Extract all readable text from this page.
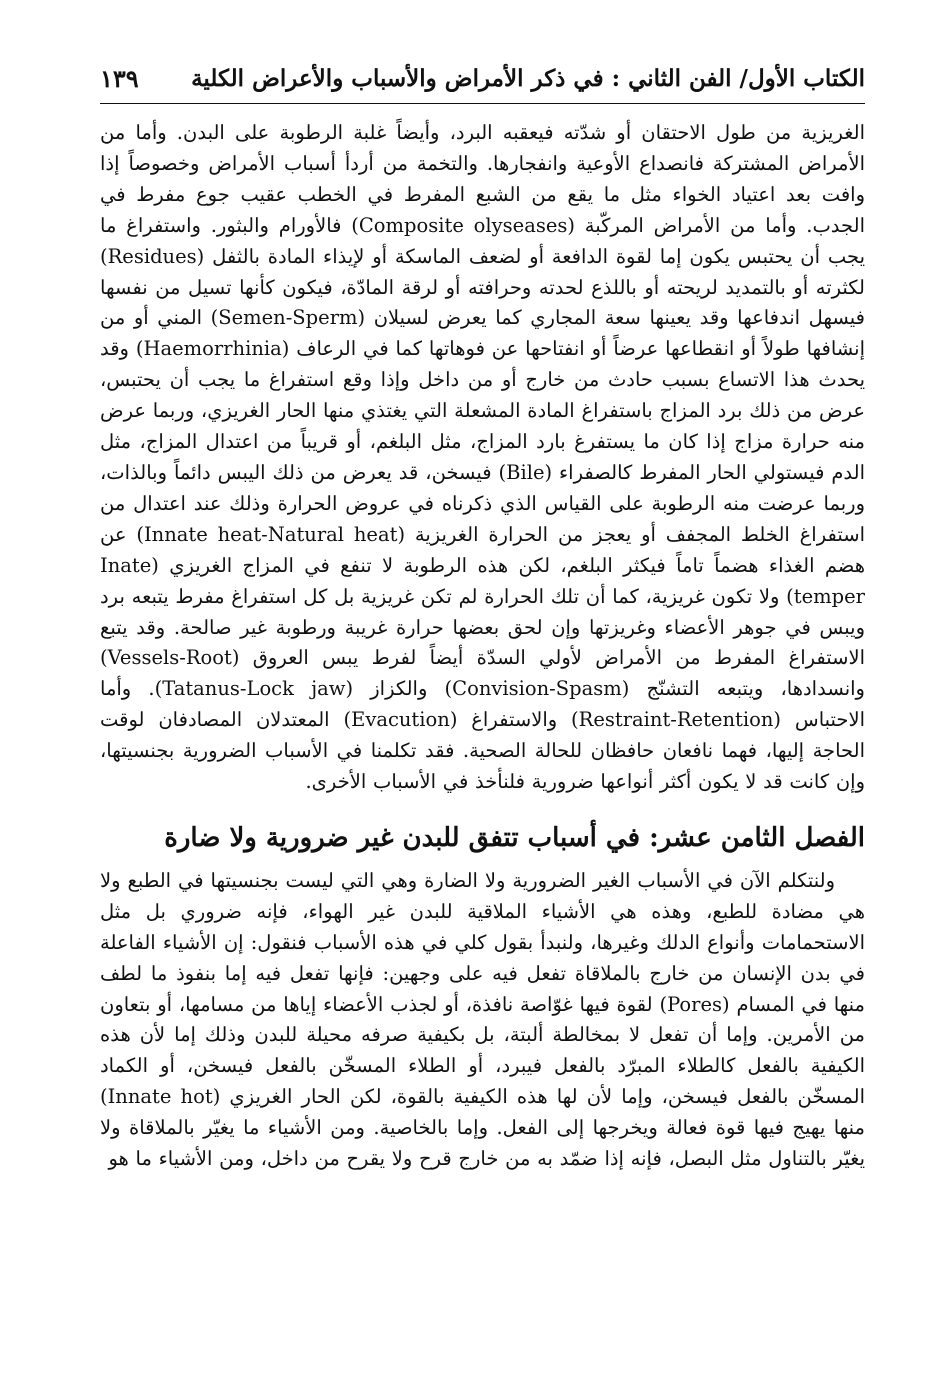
الكتاب الأول/ الفن الثاني : في ذكر الأمراض والأسباب والأعراض الكلية
١٣٩

الغريزية من طول الاحتقان أو شدّته فيعقبه البرد، وأيضاً غلبة الرطوبة على البدن. وأما من الأمراض المشتركة فانصداع الأوعية وانفجارها. والتخمة من أردأ أسباب الأمراض وخصوصاً إذا وافت بعد اعتياد الخواء مثل ما يقع من الشبع المفرط في الخطب عقيب جوع مفرط في الجدب. وأما من الأمراض المركّبة (Composite olyseases) فالأورام والبثور. واستفراغ ما يجب أن يحتبس يكون إما لقوة الدافعة أو لضعف الماسكة أو لإيذاء المادة بالثفل (Residues) لكثرته أو بالتمديد لريحته أو باللذع لحدته وحرافته أو لرقة المادّة، فيكون كأنها تسيل من نفسها فيسهل اندفاعها وقد يعينها سعة المجاري كما يعرض لسيلان (Semen-Sperm) المني أو من إنشافها طولاً أو انقطاعها عرضاً أو انفتاحها عن فوهاتها كما في الرعاف (Haemorrhinia) وقد يحدث هذا الاتساع بسبب حادث من خارج أو من داخل وإذا وقع استفراغ ما يجب أن يحتبس، عرض من ذلك برد المزاج باستفراغ المادة المشعلة التي يغتذي منها الحار الغريزي، وربما عرض منه حرارة مزاج إذا كان ما يستفرغ بارد المزاج، مثل البلغم، أو قريباً من اعتدال المزاج، مثل الدم فيستولي الحار المفرط كالصفراء (Bile) فيسخن، قد يعرض من ذلك اليبس دائماً وبالذات، وربما عرضت منه الرطوبة على القياس الذي ذكرناه في عروض الحرارة وذلك عند اعتدال من استفراغ الخلط المجفف أو يعجز من الحرارة الغريزية (Innate heat-Natural heat) عن هضم الغذاء هضماً تاماً فيكثر البلغم، لكن هذه الرطوبة لا تنفع في المزاج الغريزي (Inate temper) ولا تكون غريزية، كما أن تلك الحرارة لم تكن غريزية بل كل استفراغ مفرط يتبعه برد ويبس في جوهر الأعضاء وغريزتها وإن لحق بعضها حرارة غريبة ورطوبة غير صالحة. وقد يتبع الاستفراغ المفرط من الأمراض لأولي السدّة أيضاً لفرط يبس العروق (Vessels-Root) وانسدادها، ويتبعه التشنّج (Convision-Spasm) والكزاز (Tatanus-Lock jaw). وأما الاحتباس (Restraint-Retention) والاستفراغ (Evacution) المعتدلان المصادفان لوقت الحاجة إليها، فهما نافعان حافظان للحالة الصحية. فقد تكلمنا في الأسباب الضرورية بجنسيتها، وإن كانت قد لا يكون أكثر أنواعها ضرورية فلنأخذ في الأسباب الأخرى.

الفصل الثامن عشر: في أسباب تتفق للبدن غير ضرورية ولا ضارة

ولنتكلم الآن في الأسباب الغير الضرورية ولا الضارة وهي التي ليست بجنسيتها في الطبع ولا هي مضادة للطبع، وهذه هي الأشياء الملاقية للبدن غير الهواء، فإنه ضروري بل مثل الاستحمامات وأنواع الدلك وغيرها، ولنبدأ بقول كلي في هذه الأسباب فنقول: إن الأشياء الفاعلة في بدن الإنسان من خارج بالملاقاة تفعل فيه على وجهين: فإنها تفعل فيه إما بنفوذ ما لطف منها في المسام (Pores) لقوة فيها غوّاصة نافذة، أو لجذب الأعضاء إياها من مسامها، أو بتعاون من الأمرين. وإما أن تفعل لا بمخالطة ألبتة، بل بكيفية صرفه محيلة للبدن وذلك إما لأن هذه الكيفية بالفعل كالطلاء المبرّد بالفعل فيبرد، أو الطلاء المسخّن بالفعل فيسخن، أو الكماد المسخّن بالفعل فيسخن، وإما لأن لها هذه الكيفية بالقوة، لكن الحار الغريزي (Innate hot) منها يهيج فيها قوة فعالة ويخرجها إلى الفعل. وإما بالخاصية. ومن الأشياء ما يغيّر بالملاقاة ولا يغيّر بالتناول مثل البصل، فإنه إذا ضمّد به من خارج قرح ولا يقرح من داخل، ومن الأشياء ما هو
